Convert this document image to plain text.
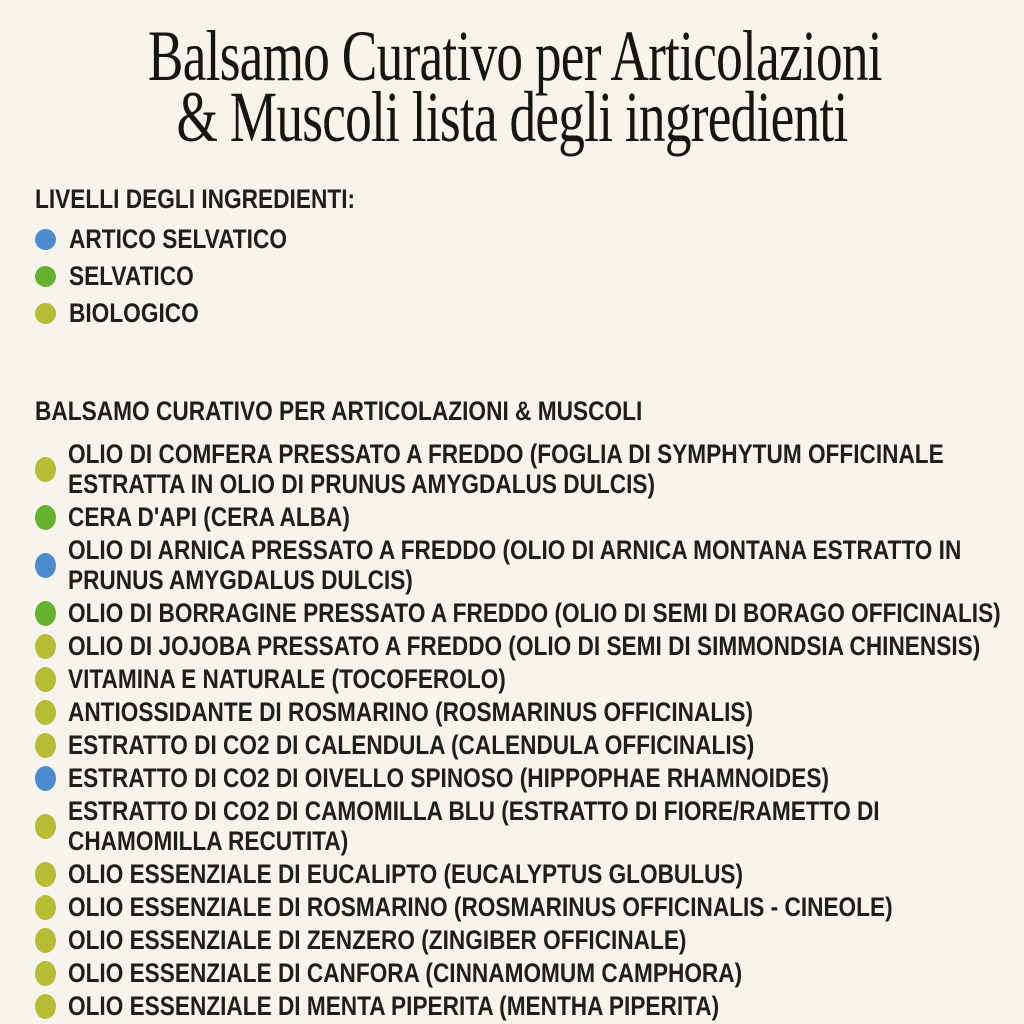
Balsamo Curativo per Articolazioni
& Muscoli lista degli ingredienti
LIVELLI DEGLI INGREDIENTI:
ARTICO SELVATICO
SELVATICO
BIOLOGICO
BALSAMO CURATIVO PER ARTICOLAZIONI & MUSCOLI
OLIO DI COMFERA PRESSATO A FREDDO (FOGLIA DI SYMPHYTUM OFFICINALE ESTRATTA IN OLIO DI PRUNUS AMYGDALUS DULCIS)
CERA D'API (CERA ALBA)
OLIO DI ARNICA PRESSATO A FREDDO (OLIO DI ARNICA MONTANA ESTRATTO IN PRUNUS AMYGDALUS DULCIS)
OLIO DI BORRAGINE PRESSATO A FREDDO (OLIO DI SEMI DI BORAGO OFFICINALIS)
OLIO DI JOJOBA PRESSATO A FREDDO (OLIO DI SEMI DI SIMMONDSIA CHINENSIS)
VITAMINA E NATURALE (TOCOFEROLO)
ANTIOSSIDANTE DI ROSMARINO (ROSMARINUS OFFICINALIS)
ESTRATTO DI CO2 DI CALENDULA (CALENDULA OFFICINALIS)
ESTRATTO DI CO2 DI OIVELLO SPINOSO (HIPPOPHAE RHAMNOIDES)
ESTRATTO DI CO2 DI CAMOMILLA BLU (ESTRATTO DI FIORE/RAMETTO DI CHAMOMILLA RECUTITA)
OLIO ESSENZIALE DI EUCALIPTO (EUCALYPTUS GLOBULUS)
OLIO ESSENZIALE DI ROSMARINO (ROSMARINUS OFFICINALIS - CINEOLE)
OLIO ESSENZIALE DI ZENZERO (ZINGIBER OFFICINALE)
OLIO ESSENZIALE DI CANFORA (CINNAMOMUM CAMPHORA)
OLIO ESSENZIALE DI MENTA PIPERITA (MENTHA PIPERITA)
